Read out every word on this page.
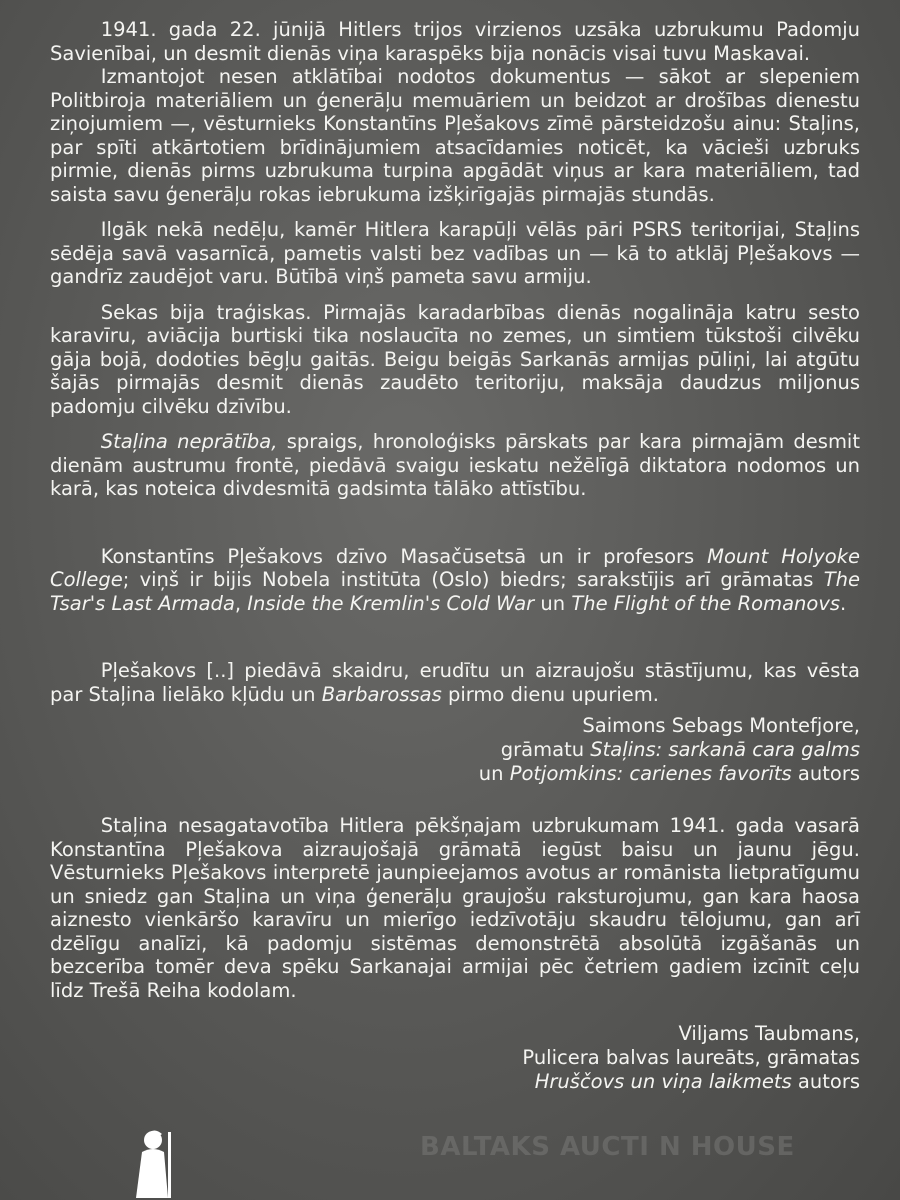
1941. gada 22. jūnijā Hitlers trijos virzienos uzsāka uzbrukumu Padomju Savienībai, un desmit dienās viņa karaspēks bija nonācis visai tuvu Maskavai.

Izmantojot nesen atklātībai nodotos dokumentus — sākot ar slepeniem Politbiroja materiāliem un ģenerāļu memuāriem un beidzot ar drošības dienestu ziņojumiem —, vēsturnieks Konstantīns Pļešakovs zīmē pārsteidzošu ainu: Staļins, par spīti atkārtotiem brīdinājumiem atsacīdamies noticēt, ka vācieši uzbruks pirmie, dienās pirms uzbrukuma turpina apgādāt viņus ar kara materiāliem, tad saista savu ģenerāļu rokas iebrukuma izšķirīgajās pirmajās stundās.

Ilgāk nekā nedēļu, kamēr Hitlera karapūļi vēlās pāri PSRS teritorijai, Staļins sēdēja savā vasarnīcā, pametis valsti bez vadības un — kā to atklāj Pļešakovs — gandrīz zaudējot varu. Būtībā viņš pameta savu armiju.

Sekas bija traģiskas. Pirmajās karadarbības dienās nogalināja katru sesto karavīru, aviācija burtiski tika noslaucīta no zemes, un simtiem tūkstoši cilvēku gāja bojā, dodoties bēgļu gaitās. Beigu beigās Sarkanās armijas pūliņi, lai atgūtu šajās pirmajās desmit dienās zaudēto teritoriju, maksāja daudzus miljonus padomju cilvēku dzīvību.

Staļina neprātība, spraigs, hronoloģisks pārskats par kara pirmajām desmit dienām austrumu frontē, piedāvā svaigu ieskatu nežēlīgā diktatora nodomos un karā, kas noteica divdesmitā gadsimta tālāko attīstību.

Konstantīns Pļešakovs dzīvo Masačūsetsā un ir profesors Mount Holyoke College; viņš ir bijis Nobela institūta (Oslo) biedrs; sarakstījis arī grāmatas The Tsar's Last Armada, Inside the Kremlin's Cold War un The Flight of the Romanovs.

Pļešakovs [..] piedāvā skaidru, erudītu un aizraujošu stāstījumu, kas vēsta par Staļina lielāko kļūdu un Barbarossas pirmo dienu upuriem.

Saimons Sebags Montefjore,

grāmatu Staļins: sarkanā cara galms

un Potjomkins: carienes favorīts autors

Staļina nesagatavotība Hitlera pēkšņajam uzbrukumam 1941. gada vasarā Konstantīna Pļešakova aizraujošajā grāmatā iegūst baisu un jaunu jēgu. Vēsturnieks Pļešakovs interpretē jaunpieejamos avotus ar romānista lietpratīgumu un sniedz gan Staļina un viņa ģenerāļu graujošu raksturojumu, gan kara haosa aiznesto vienkāršo karavīru un mierīgo iedzīvotāju skaudru tēlojumu, gan arī dzēlīgu analīzi, kā padomju sistēmas demonstrētā absolūtā izgāšanās un bezcerība tomēr deva spēku Sarkanajai armijai pēc četriem gadiem izcīnīt ceļu līdz Trešā Reiha kodolam.

Viljams Taubmans,

Pulicera balvas laureāts, grāmatas

Hruščovs un viņa laikmets autors

BALTAKS AUCTI N HOUSE
